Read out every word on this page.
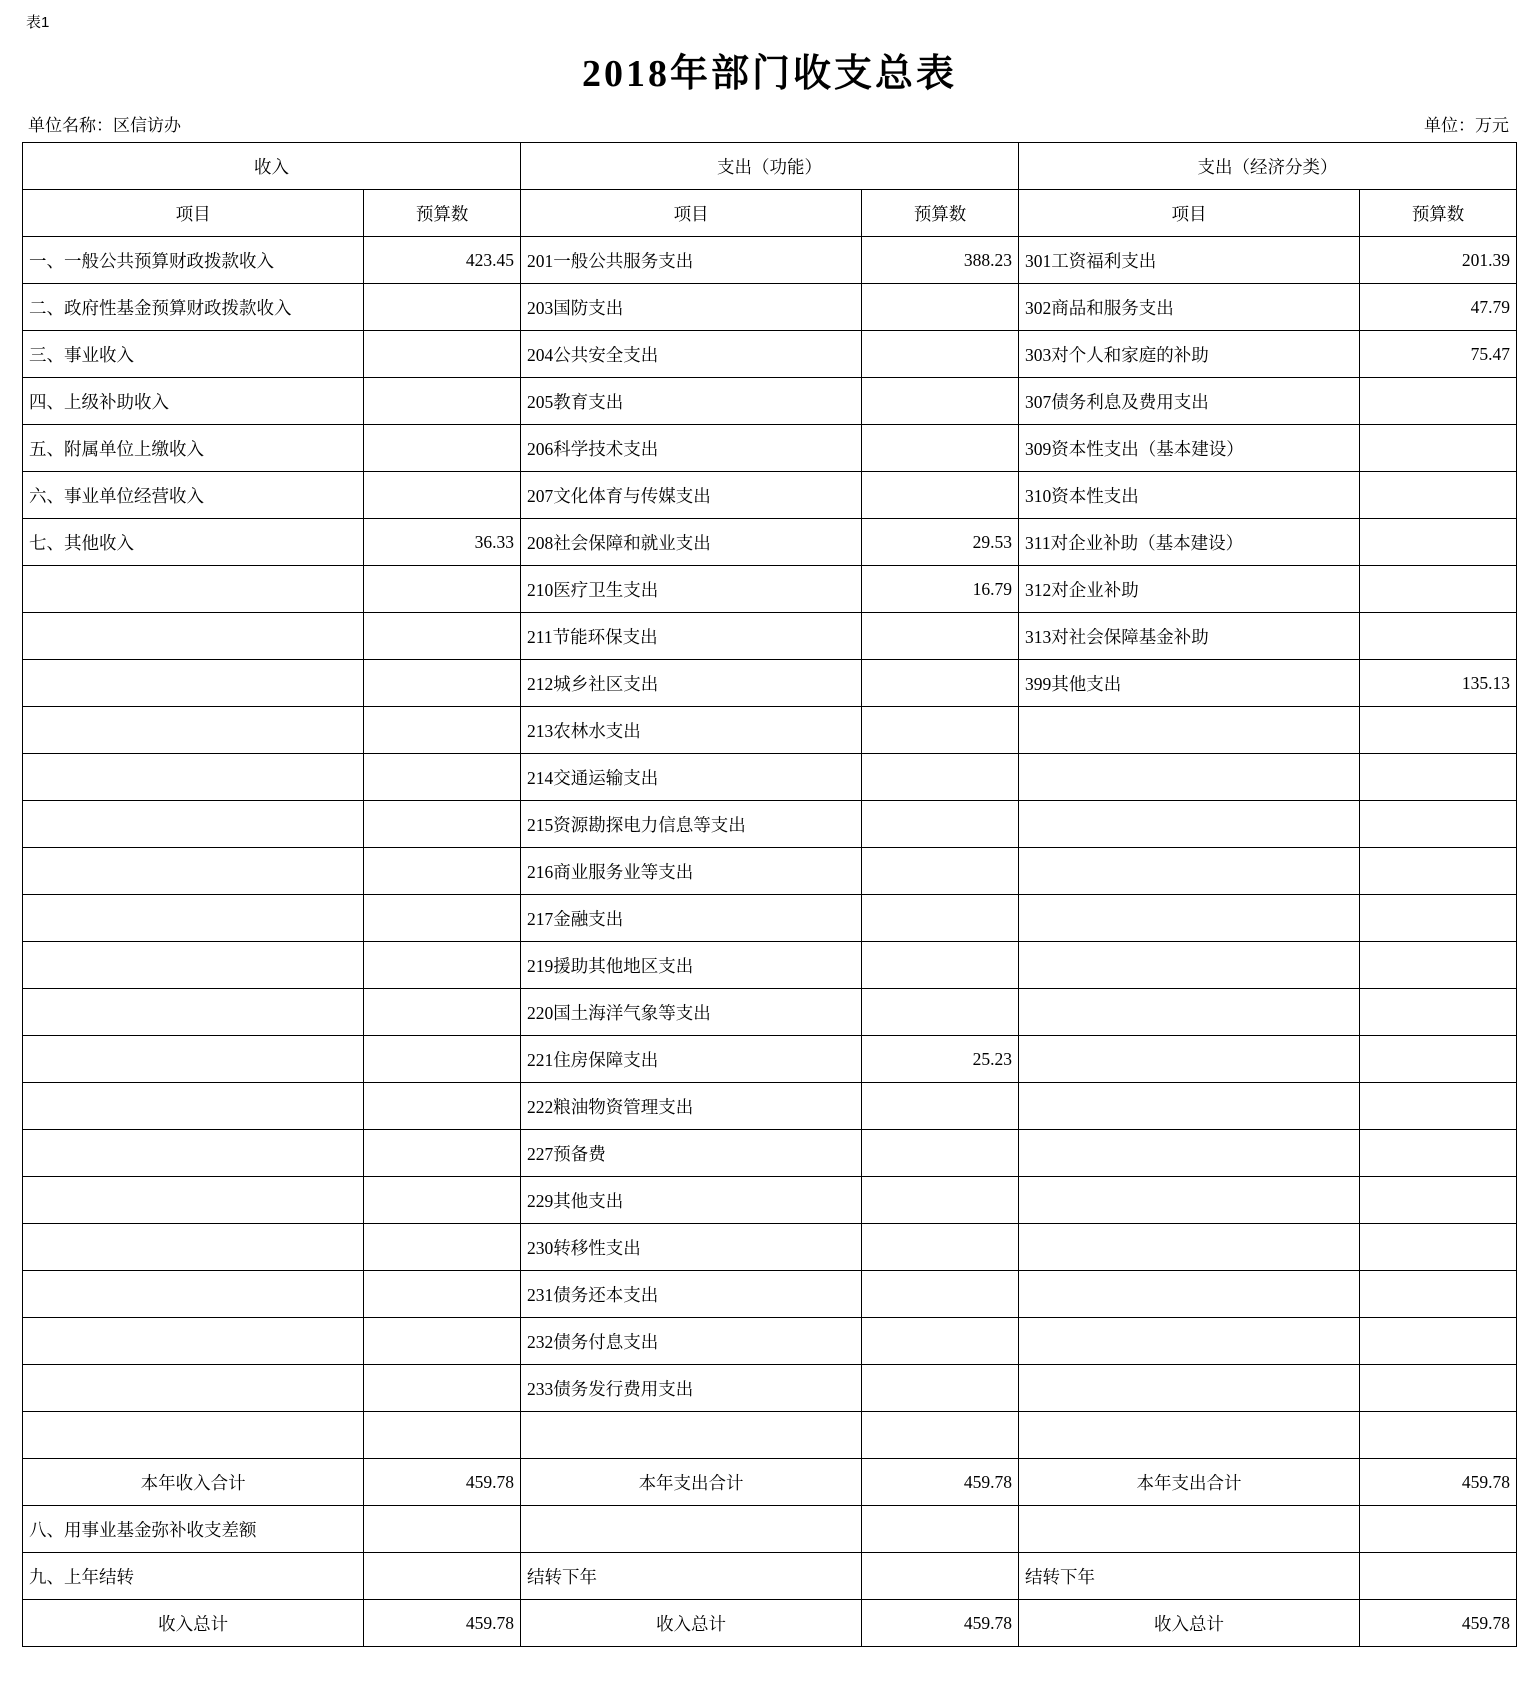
表1
2018年部门收支总表
单位名称：区信访办	单位：万元
收入		支出（功能）		支出（经济分类）	
项目	预算数	项目	预算数	项目	预算数
一、一般公共预算财政拨款收入	423.45	201一般公共服务支出	388.23	301工资福利支出	201.39
二、政府性基金预算财政拨款收入		203国防支出		302商品和服务支出	47.79
三、事业收入		204公共安全支出		303对个人和家庭的补助	75.47
四、上级补助收入		205教育支出		307债务利息及费用支出	
五、附属单位上缴收入		206科学技术支出		309资本性支出（基本建设）	
六、事业单位经营收入		207文化体育与传媒支出		310资本性支出	
七、其他收入	36.33	208社会保障和就业支出	29.53	311对企业补助（基本建设）	
		210医疗卫生支出	16.79	312对企业补助	
		211节能环保支出		313对社会保障基金补助	
		212城乡社区支出		399其他支出	135.13
		213农林水支出			
		214交通运输支出			
		215资源勘探电力信息等支出			
		216商业服务业等支出			
		217金融支出			
		219援助其他地区支出			
		220国土海洋气象等支出			
		221住房保障支出	25.23		
		222粮油物资管理支出			
		227预备费			
		229其他支出			
		230转移性支出			
		231债务还本支出			
		232债务付息支出			
		233债务发行费用支出			

本年收入合计	459.78	本年支出合计	459.78	本年支出合计	459.78
八、用事业基金弥补收支差额					
九、上年结转		结转下年		结转下年	
收入总计	459.78	收入总计	459.78	收入总计	459.78
